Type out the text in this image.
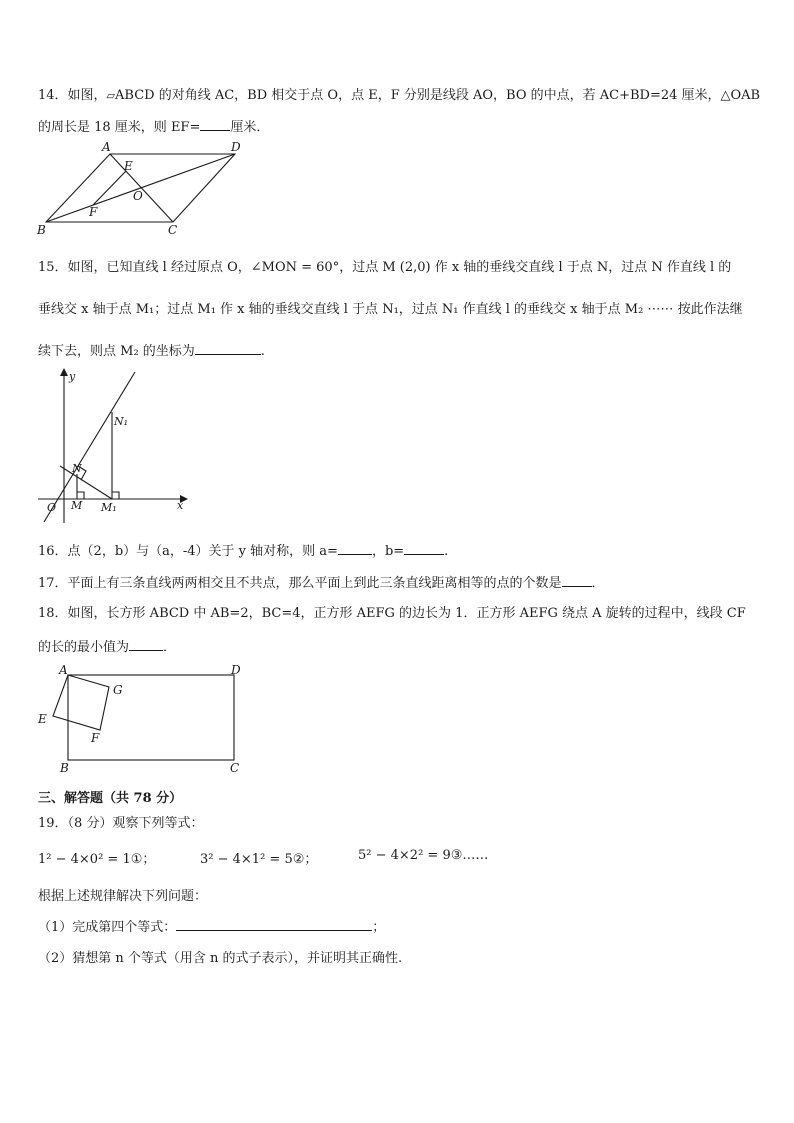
14．如图，▱ABCD 的对角线 AC，BD 相交于点 O，点 E，F 分别是线段 AO，BO 的中点，若 AC+BD=24 厘米，△OAB
的周长是 18 厘米，则 EF= 厘米．
A	D
B	C
E
O
F
15．如图，已知直线 l 经过原点 O，∠MON = 60°，过点 M (2,0) 作 x 轴的垂线交直线 l 于点 N，过点 N 作直线 l 的
垂线交 x 轴于点 M₁；过点 M₁ 作 x 轴的垂线交直线 l 于点 N₁，过点 N₁ 作直线 l 的垂线交 x 轴于点 M₂ ⋯⋯ 按此作法继
续下去，则点 M₂ 的坐标为	.
y
x
O M M₁
N
N₁
16．点（2，b）与（a，-4）关于 y 轴对称，则 a=	，b=	.
17．平面上有三条直线两两相交且不共点，那么平面上到此三条直线距离相等的点的个数是 ．
18．如图，长方形 ABCD 中 AB=2，BC=4，正方形 AEFG 的边长为 1．正方形 AEFG 绕点 A 旋转的过程中，线段 CF
的长的最小值为	．
A	D
B	C
G
E
F
三、解答题（共 78 分）
19．（8 分）观察下列等式：
1² − 4×0² = 1①；	3² − 4×1² = 5②；	5² − 4×2² = 9③……
根据上述规律解决下列问题：
（1）完成第四个等式：	；
（2）猜想第 n 个等式（用含 n 的式子表示），并证明其正确性.
